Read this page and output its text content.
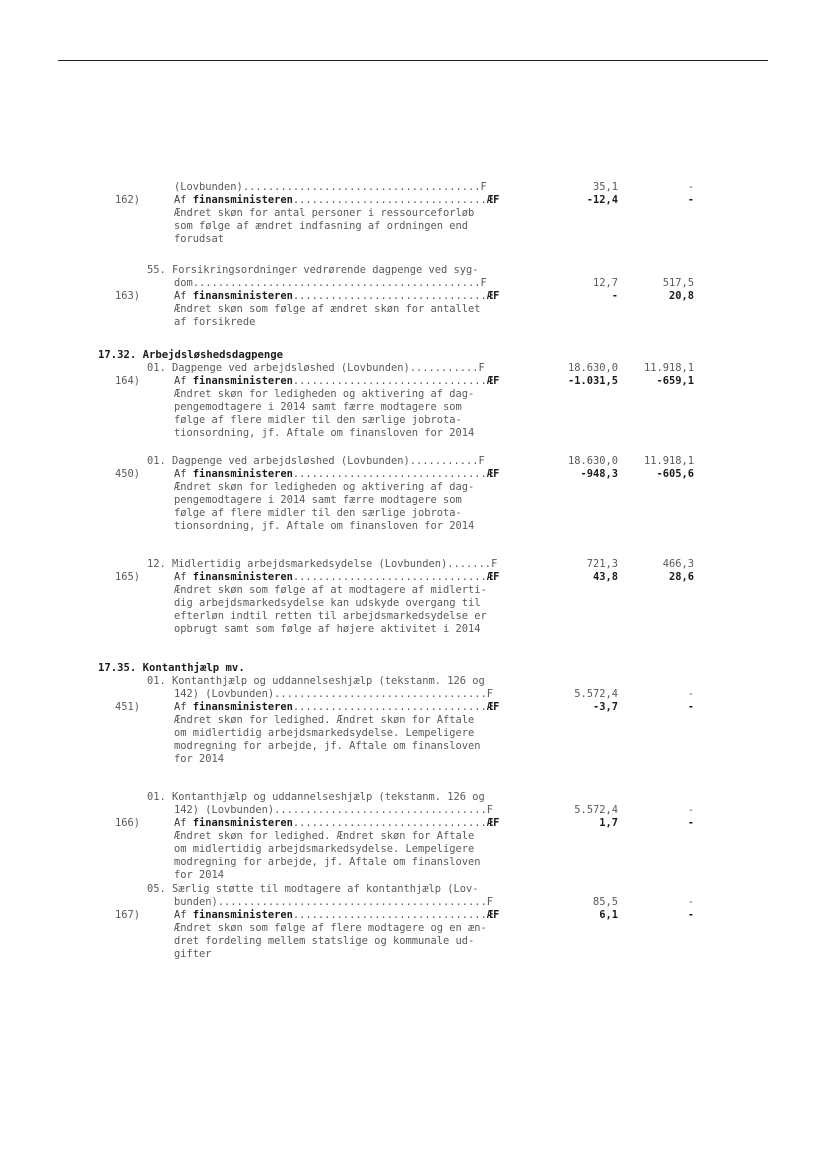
(Lovbunden)......................................F	35,1	-
162)	Af finansministeren...............................ÆF	-12,4	-
Ændret skøn for antal personer i ressourceforløb
som følge af ændret indfasning af ordningen end
forudsat
55. Forsikringsordninger vedrørende dagpenge ved syg-
dom..............................................F	12,7	517,5
163)	Af finansministeren...............................ÆF	-	20,8
Ændret skøn som følge af ændret skøn for antallet
af forsikrede
17.32. Arbejdsløshedsdagpenge
01. Dagpenge ved arbejdsløshed (Lovbunden)...........F	18.630,0 11.918,1
164)	Af finansministeren...............................ÆF	-1.031,5	-659,1
Ændret skøn for ledigheden og aktivering af dag-
pengemodtagere i 2014 samt færre modtagere som
følge af flere midler til den særlige jobrota-
tionsordning, jf. Aftale om finansloven for 2014
01. Dagpenge ved arbejdsløshed (Lovbunden)...........F	18.630,0 11.918,1
450)	Af finansministeren...............................ÆF	-948,3	-605,6
Ændret skøn for ledigheden og aktivering af dag-
pengemodtagere i 2014 samt færre modtagere som
følge af flere midler til den særlige jobrota-
tionsordning, jf. Aftale om finansloven for 2014
12. Midlertidig arbejdsmarkedsydelse (Lovbunden).......F	721,3	466,3
165)	Af finansministeren...............................ÆF	43,8	28,6
Ændret skøn som følge af at modtagere af midlerti-
dig arbejdsmarkedsydelse kan udskyde overgang til
efterløn indtil retten til arbejdsmarkedsydelse er
opbrugt samt som følge af højere aktivitet i 2014
17.35. Kontanthjælp mv.
01. Kontanthjælp og uddannelseshjælp (tekstanm. 126 og
142) (Lovbunden)..................................F	5.572,4	-
451)	Af finansministeren...............................ÆF	-3,7	-
Ændret skøn for ledighed. Ændret skøn for Aftale
om midlertidig arbejdsmarkedsydelse. Lempeligere
modregning for arbejde, jf. Aftale om finansloven
for 2014
01. Kontanthjælp og uddannelseshjælp (tekstanm. 126 og
142) (Lovbunden)..................................F	5.572,4	-
166)	Af finansministeren...............................ÆF	1,7	-
Ændret skøn for ledighed. Ændret skøn for Aftale
om midlertidig arbejdsmarkedsydelse. Lempeligere
modregning for arbejde, jf. Aftale om finansloven
for 2014
05. Særlig støtte til modtagere af kontanthjælp (Lov-
bunden)...........................................F	85,5	-
167)	Af finansministeren...............................ÆF	6,1	-
Ændret skøn som følge af flere modtagere og en æn-
dret fordeling mellem statslige og kommunale ud-
gifter
